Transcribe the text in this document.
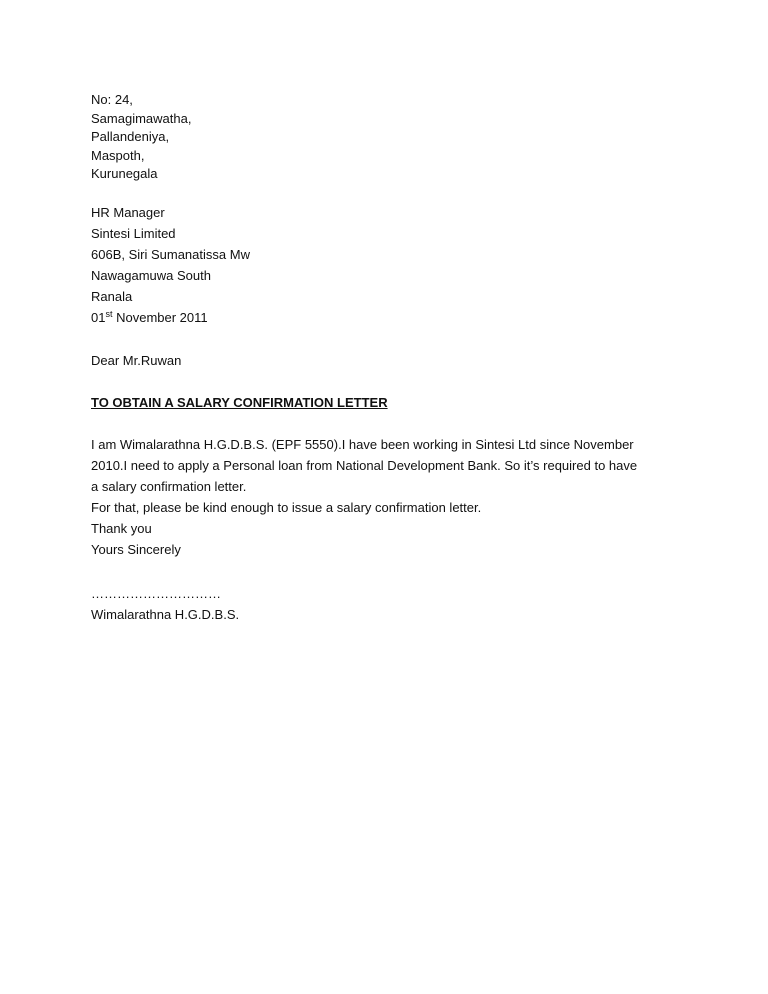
No: 24,
Samagimawatha,
Pallandeniya,
Maspoth,
Kurunegala
HR Manager
Sintesi Limited
606B, Siri Sumanatissa Mw
Nawagamuwa South
Ranala
01st November 2011
Dear Mr.Ruwan
TO OBTAIN A SALARY CONFIRMATION LETTER
I am Wimalarathna H.G.D.B.S. (EPF 5550).I have been working in Sintesi Ltd since November
2010.I need to apply a Personal loan from National Development Bank. So it’s required to have
a salary confirmation letter.
For that, please be kind enough to issue a salary confirmation letter.
Thank you
Yours Sincerely
…………………………
Wimalarathna H.G.D.B.S.
